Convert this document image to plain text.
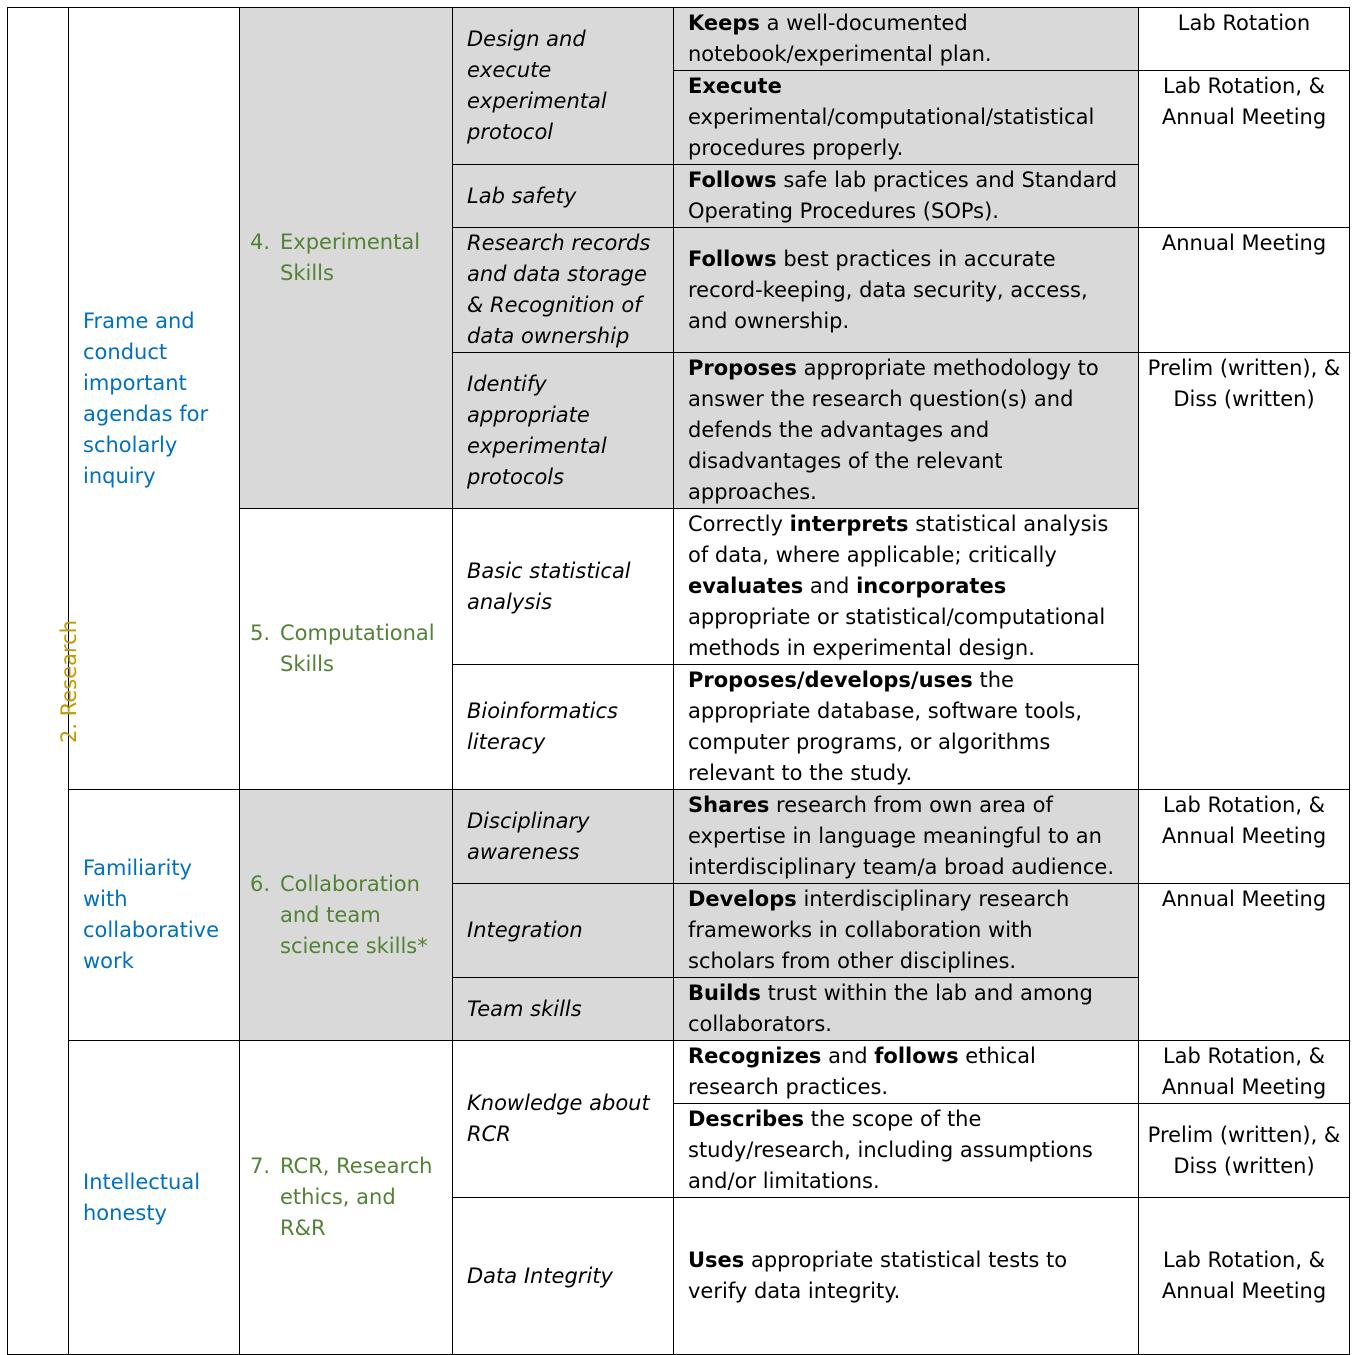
2. Research	Frame and conduct important agendas for scholarly inquiry	4. Experimental Skills	Design and execute experimental protocol	Keeps a well-documented notebook/experimental plan.	Lab Rotation
				Execute experimental/computational/statistical procedures properly.	Lab Rotation, & Annual Meeting
			Lab safety	Follows safe lab practices and Standard Operating Procedures (SOPs).	
			Research records and data storage & Recognition of data ownership	Follows best practices in accurate record-keeping, data security, access, and ownership.	Annual Meeting
			Identify appropriate experimental protocols	Proposes appropriate methodology to answer the research question(s) and defends the advantages and disadvantages of the relevant approaches.	Prelim (written), & Diss (written)

		5. Computational Skills	Basic statistical analysis	Correctly interprets statistical analysis of data, where applicable; critically evaluates and incorporates appropriate or statistical/computational methods in experimental design.	
			Bioinformatics literacy	Proposes/develops/uses the appropriate database, software tools, computer programs, or algorithms relevant to the study.	

	Familiarity with collaborative work	6. Collaboration and team science skills*	Disciplinary awareness	Shares research from own area of expertise in language meaningful to an interdisciplinary team/a broad audience.	Lab Rotation, & Annual Meeting
			Integration	Develops interdisciplinary research frameworks in collaboration with scholars from other disciplines.	Annual Meeting
			Team skills	Builds trust within the lab and among collaborators.	
	Intellectual honesty	7. RCR, Research ethics, and R&R	Knowledge about RCR	Recognizes and follows ethical research practices.	Lab Rotation, & Annual Meeting
				Describes the scope of the study/research, including assumptions and/or limitations.	Prelim (written), & Diss (written)
			Data Integrity	Uses appropriate statistical tests to verify data integrity.	Lab Rotation, & Annual Meeting
